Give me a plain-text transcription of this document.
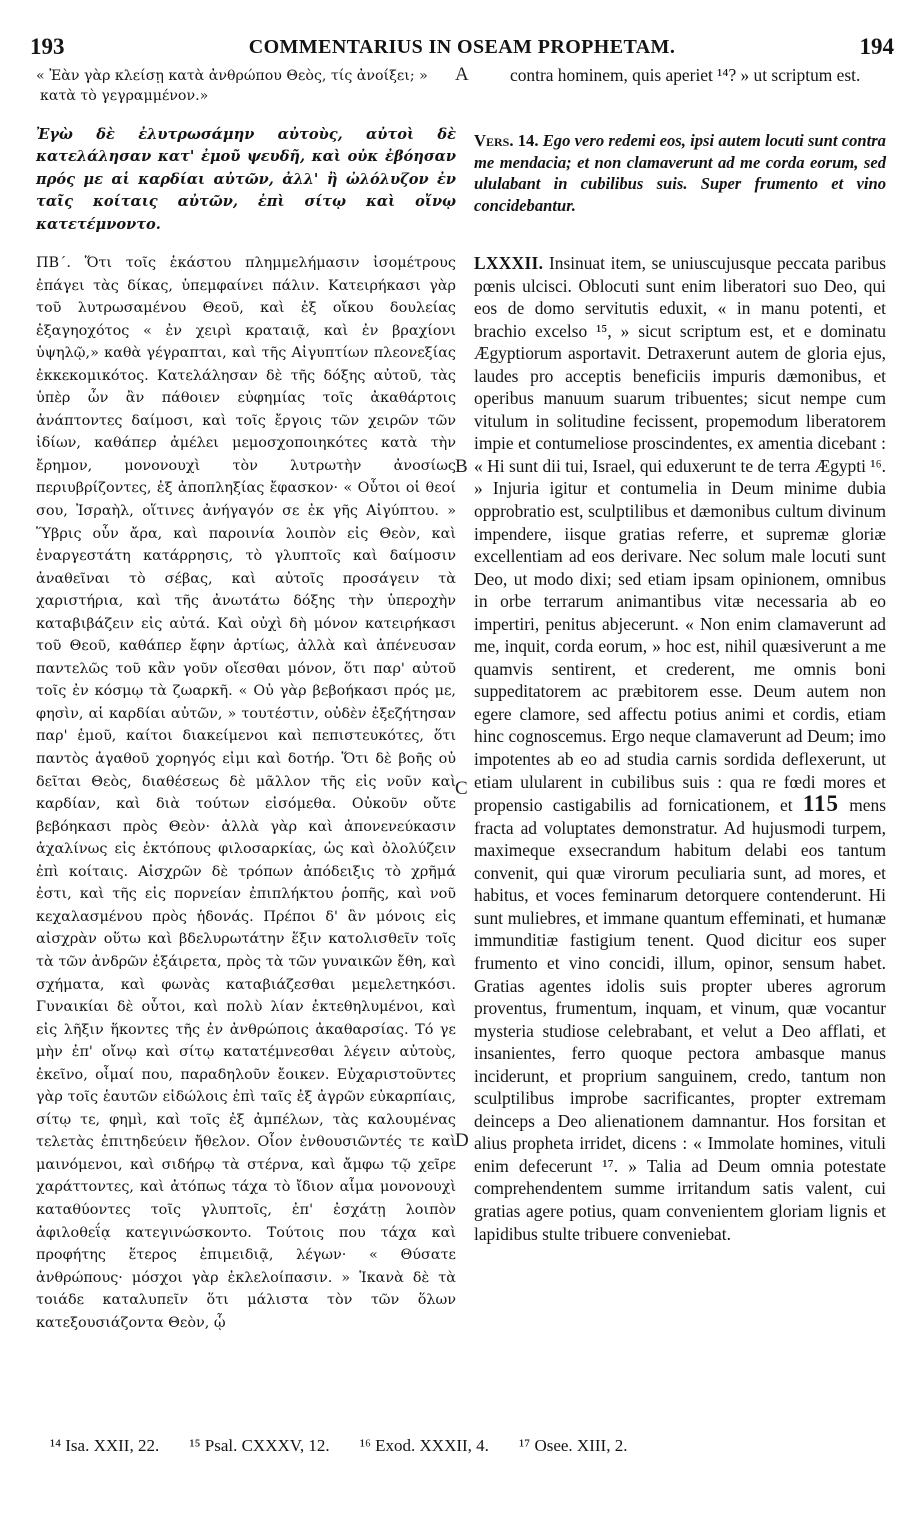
193	COMMENTARIUS IN OSEAM PROPHETAM.	194
« Ἐὰν γὰρ κλείσῃ κατὰ ἀνθρώπου Θεὸς, τίς ἀνοίξει; »	contra hominem, quis aperiet ¹⁴? » ut scriptum est.
κατὰ τὸ γεγραμμένον.»
A
Ἐγὼ δὲ ἐλυτρωσάμην αὐτοὺς, αὐτοὶ δὲ κατελάλησαν κατ' ἐμοῦ ψευδῆ, καὶ οὐκ ἐβόησαν πρός με αἱ καρδίαι αὐτῶν, ἀλλ' ἢ ὠλόλυζον ἐν ταῖς κοίταις αὐτῶν, ἐπὶ σίτῳ καὶ οἴνῳ κατετέμνοντο.
Vers. 14. Ego vero redemi eos, ipsi autem locuti sunt contra me mendacia; et non clamaverunt ad me corda eorum, sed ululabant in cubilibus suis. Super frumento et vino concidebantur.
ΠΒ΄. Ὅτι τοῖς ἑκάστου πλημμελήμασιν ἰσομέτρους ἐπάγει τὰς δίκας, ὑπεμφαίνει πάλιν. Κατειρήκασι γὰρ τοῦ λυτρωσαμένου Θεοῦ, καὶ ἐξ οἴκου δουλείας ἐξαγηοχότος « ἐν χειρὶ κραταιᾷ, καὶ ἐν βραχίονι ὑψηλῷ,» καθὰ γέγραπται, καὶ τῆς Αἰγυπτίων πλεονεξίας ἐκκεκομικότος. Κατελάλησαν δὲ τῆς δόξης αὐτοῦ, τὰς ὑπὲρ ὧν ἂν πάθοιεν εὐφημίας τοῖς ἀκαθάρτοις ἀνάπτοντες δαίμοσι, καὶ τοῖς ἔργοις τῶν χειρῶν τῶν ἰδίων, καθάπερ ἀμέλει μεμοσχοποιηκότες κατὰ τὴν ἔρημον, μονονουχὶ τὸν λυτρωτὴν ἀνοσίως περιυβρίζοντες, ἐξ ἀποπληξίας ἔφασκον· « Οὗτοι οἱ θεοί σου, Ἰσραὴλ, οἵτινες ἀνήγαγόν σε ἐκ γῆς Αἰγύπτου. » Ὕβρις οὖν ἄρα, καὶ παροινία λοιπὸν εἰς Θεὸν, καὶ ἐναργεστάτη κατάρρησις, τὸ γλυπτοῖς καὶ δαίμοσιν ἀναθεῖναι τὸ σέβας, καὶ αὐτοῖς προσάγειν τὰ χαριστήρια, καὶ τῆς ἀνωτάτω δόξης τὴν ὑπεροχὴν καταβιβάζειν εἰς αὐτά. Καὶ οὐχὶ δὴ μόνον κατειρήκασι τοῦ Θεοῦ, καθάπερ ἔφην ἀρτίως, ἀλλὰ καὶ ἀπένευσαν παντελῶς τοῦ κἂν γοῦν οἴεσθαι μόνον, ὅτι παρ' αὐτοῦ τοῖς ἐν κόσμῳ τὰ ζωαρκῆ. « Οὐ γὰρ βεβοήκασι πρός με, φησὶν, αἱ καρδίαι αὐτῶν, » τουτέστιν, οὐδὲν ἐξεζήτησαν παρ' ἐμοῦ, καίτοι διακείμενοι καὶ πεπιστευκότες, ὅτι παντὸς ἀγαθοῦ χορηγός εἰμι καὶ δοτήρ. Ὅτι δὲ βοῆς οὐ δεῖται Θεὸς, διαθέσεως δὲ μᾶλλον τῆς εἰς νοῦν καὶ καρδίαν, καὶ διὰ τούτων εἰσόμεθα. Οὐκοῦν οὔτε βεβόηκασι πρὸς Θεὸν· ἀλλὰ γὰρ καὶ ἀπονενεύκασιν ἀχαλίνως εἰς ἐκτόπους φιλοσαρκίας, ὡς καὶ ὀλολύζειν ἐπὶ κοίταις. Αἰσχρῶν δὲ τρόπων ἀπόδειξις τὸ χρῆμά ἐστι, καὶ τῆς εἰς πορνείαν ἐπιπλήκτου ῥοπῆς, καὶ νοῦ κεχαλασμένου πρὸς ἡδονάς. Πρέποι δ' ἂν μόνοις εἰς αἰσχρὰν οὕτω καὶ βδελυρωτάτην ἕξιν κατολισθεῖν τοῖς τὰ τῶν ἀνδρῶν ἐξάιρετα, πρὸς τὰ τῶν γυναικῶν ἔθη, καὶ σχήματα, καὶ φωνὰς καταβιάζεσθαι μεμελετηκόσι. Γυναικίαι δὲ οὗτοι, καὶ πολὺ λίαν ἐκτεθηλυμένοι, καὶ εἰς λῆξιν ἥκοντες τῆς ἐν ἀνθρώποις ἀκαθαρσίας. Τό γε μὴν ἐπ' οἴνῳ καὶ σίτῳ κατατέμνεσθαι λέγειν αὐτοὺς, ἐκεῖνο, οἶμαί που, παραδηλοῦν ἔοικεν. Εὐχαριστοῦντες γὰρ τοῖς ἑαυτῶν εἰδώλοις ἐπὶ ταῖς ἐξ ἀγρῶν εὐκαρπίαις, σίτῳ τε, φημὶ, καὶ τοῖς ἐξ ἀμπέλων, τὰς καλουμένας τελετὰς ἐπιτηδεύειν ἤθελον. Οἷον ἐνθουσιῶντές τε καὶ μαινόμενοι, καὶ σιδήρῳ τὰ στέρνα, καὶ ἄμφω τῷ χεῖρε χαράττοντες, καὶ ἀτόπως τάχα τὸ ἴδιον αἷμα μονονουχὶ καταθύοντες τοῖς γλυπτοῖς, ἐπ' ἐσχάτῃ λοιπὸν ἀφιλοθεΐᾳ κατεγινώσκοντο. Τούτοις που τάχα καὶ προφήτης ἕτερος ἐπιμειδιᾷ, λέγων· « Θύσατε ἀνθρώπους· μόσχοι γὰρ ἐκλελοίπασιν. » Ἱκανὰ δὲ τὰ τοιάδε καταλυπεῖν ὅτι μάλιστα τὸν τῶν ὅλων κατεξουσιάζοντα Θεὸν, ᾧ
LXXXII. Insinuat item, se uniuscujusque peccata paribus pœnis ulcisci. Oblocuti sunt enim liberatori suo Deo, qui eos de domo servitutis eduxit, « in manu potenti, et brachio excelso ¹⁵, » sicut scriptum est, et e dominatu Ægyptiorum asportavit. Detraxerunt autem de gloria ejus, laudes pro acceptis beneficiis impuris dæmonibus, et operibus manuum suarum tribuentes; sicut nempe cum vitulum in solitudine fecissent, propemodum liberatorem impie et contumeliose proscindentes, ex amentia dicebant : « Hi sunt dii tui, Israel, qui eduxerunt te de terra Ægypti ¹⁶. » Injuria igitur et contumelia in Deum minime dubia opprobratio est, sculptilibus et dæmonibus cultum divinum impendere, iisque gratias referre, et supremæ gloriæ excellentiam ad eos derivare. Nec solum male locuti sunt Deo, ut modo dixi; sed etiam ipsam opinionem, omnibus in orbe terrarum animantibus vitæ necessaria ab eo impertiri, penitus abjecerunt. « Non enim clamaverunt ad me, inquit, corda eorum, » hoc est, nihil quæsiverunt a me quamvis sentirent, et crederent, me omnis boni suppeditatorem ac præbitorem esse. Deum autem non egere clamore, sed affectu potius animi et cordis, etiam hinc cognoscemus. Ergo neque clamaverunt ad Deum; imo impotentes ab eo ad studia carnis sordida deflexerunt, ut etiam ulularent in cubilibus suis : qua re fœdi mores et propensio castigabilis ad fornicationem, et 115 mens fracta ad voluptates demonstratur. Ad hujusmodi turpem, maximeque exsecrandum habitum delabi eos tantum convenit, qui quæ virorum peculiaria sunt, ad mores, et habitus, et voces feminarum detorquere contenderunt. Hi sunt muliebres, et immane quantum effeminati, et humanæ immunditiæ fastigium tenent. Quod dicitur eos super frumento et vino concidi, illum, opinor, sensum habet. Gratias agentes idolis suis propter uberes agrorum proventus, frumentum, inquam, et vinum, quæ vocantur mysteria studiose celebrabant, et velut a Deo afflati, et insanientes, ferro quoque pectora ambasque manus inciderunt, et proprium sanguinem, credo, tantum non sculptilibus improbe sacrificantes, propter extremam deinceps a Deo alienationem damnantur. Hos forsitan et alius propheta irridet, dicens : « Immolate homines, vituli enim defecerunt ¹⁷. » Talia ad Deum omnia potestate comprehendentem summe irritandum satis valent, cui gratias agere potius, quam convenientem gloriam lignis et lapidibus stulte tribuere conveniebat.
B
C
D
¹⁴ Isa. XXII, 22. ¹⁵ Psal. CXXXV, 12. ¹⁶ Exod. XXXII, 4. ¹⁷ Osee. XIII, 2.
